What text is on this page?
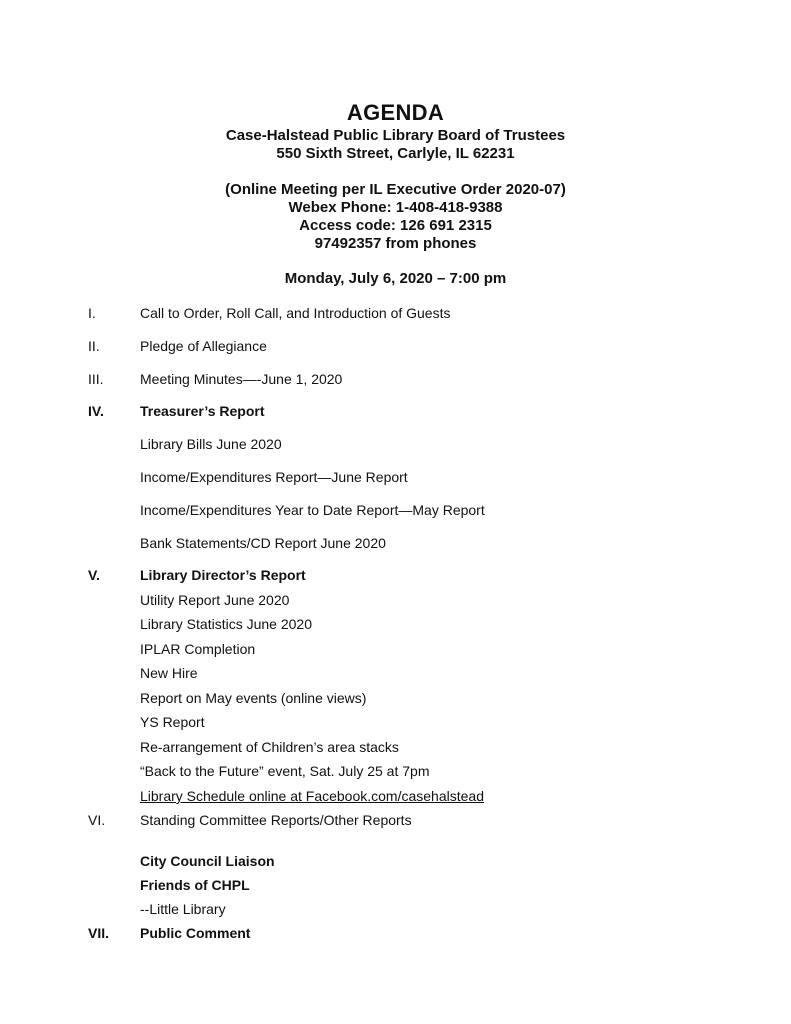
AGENDA
Case-Halstead Public Library Board of Trustees
550 Sixth Street, Carlyle, IL 62231
(Online Meeting per IL Executive Order 2020-07)
Webex Phone: 1-408-418-9388
Access code: 126 691 2315
97492357 from phones
Monday, July 6, 2020 – 7:00 pm
I.	Call to Order, Roll Call, and Introduction of Guests
II.	Pledge of Allegiance
III.	Meeting Minutes—-June 1, 2020
IV.	Treasurer’s Report
Library Bills June 2020
Income/Expenditures Report—June Report
Income/Expenditures Year to Date Report—May Report
Bank Statements/CD Report June 2020
V.	Library Director’s Report
Utility Report June 2020
Library Statistics June 2020
IPLAR Completion
New Hire
Report on May events (online views)
YS Report
Re-arrangement of Children’s area stacks
“Back to the Future” event, Sat. July 25 at 7pm
Library Schedule online at Facebook.com/casehalstead
VI. Standing Committee Reports/Other Reports
City Council Liaison
Friends of CHPL
--Little Library
VII. Public Comment
